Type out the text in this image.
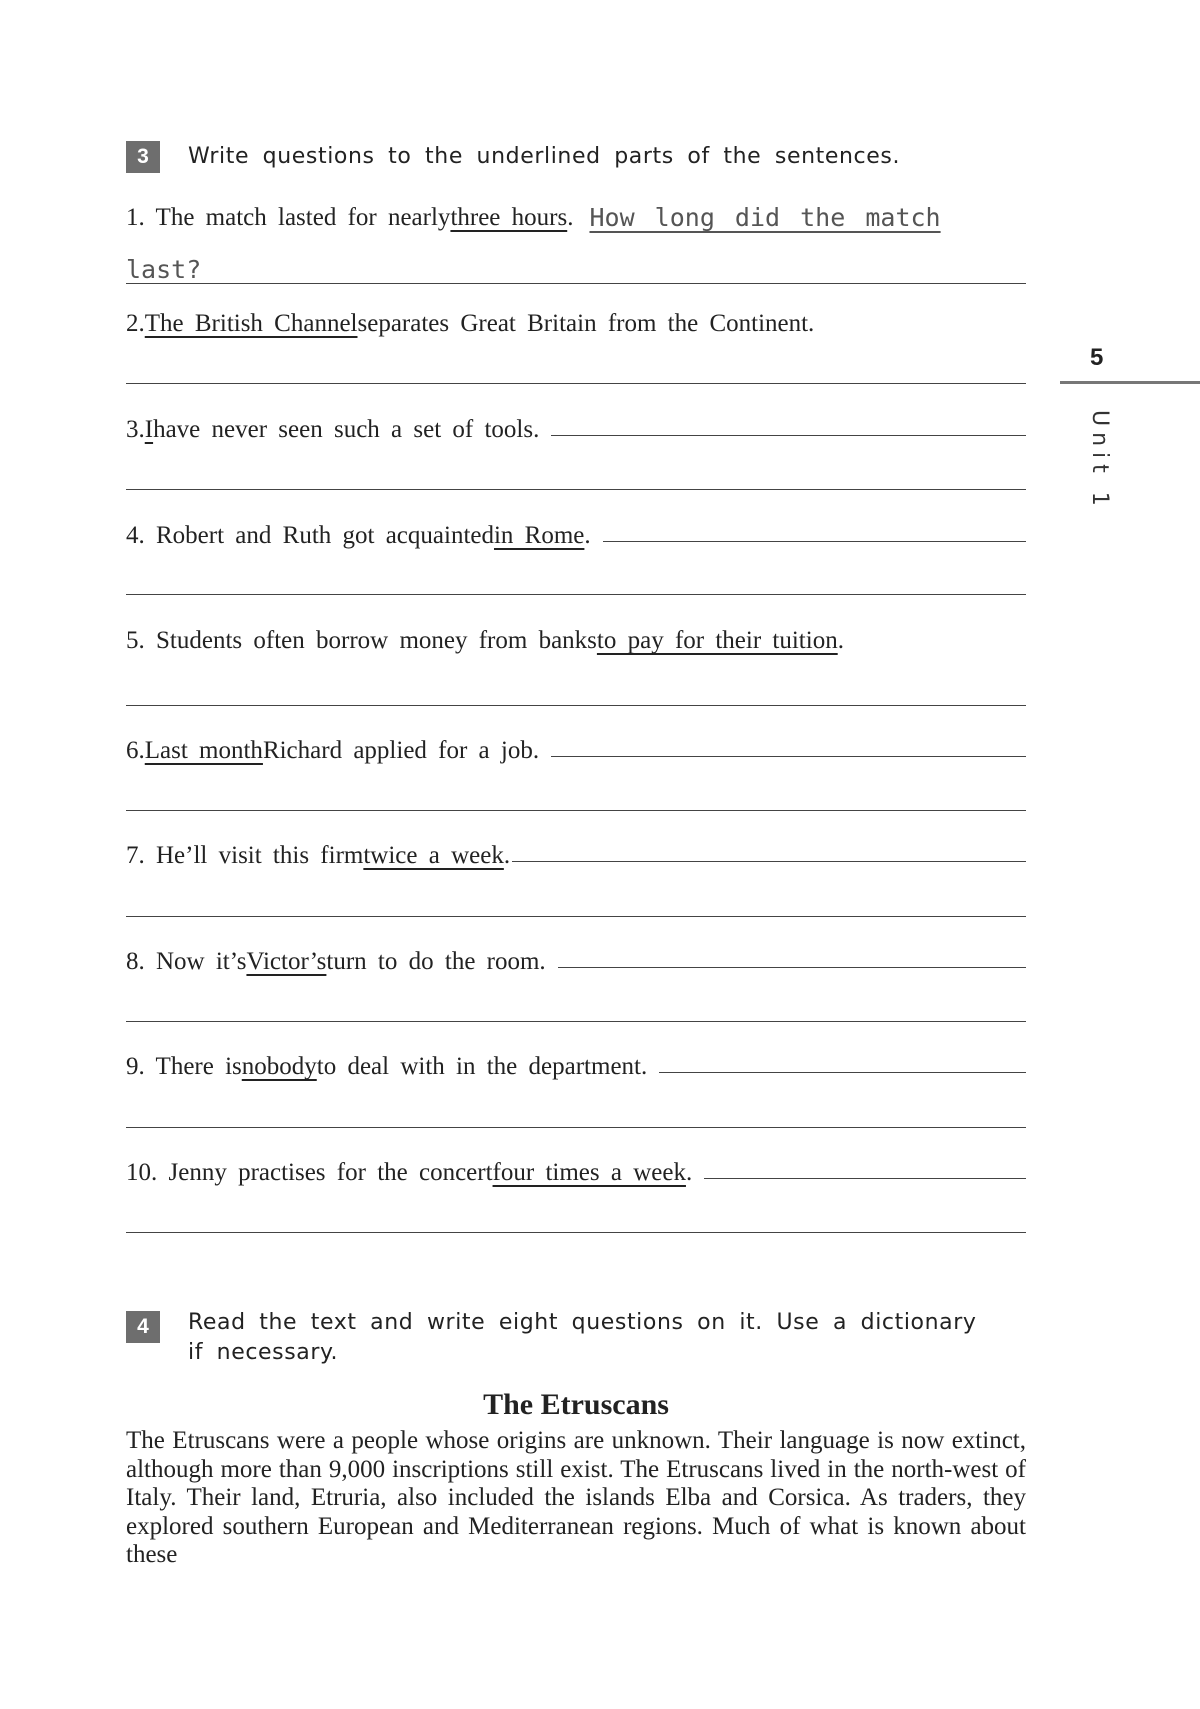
3	Write questions to the underlined parts of the sentences.
1. The match lasted for nearly three hours . How long did the match
last?
2. The British Channel separates Great Britain from the Continent.
3. I have never seen such a set of tools.
4. Robert and Ruth got acquainted in Rome .
5. Students often borrow money from banks to pay for their tuition .
6. Last month Richard applied for a job.
7. He’ll visit this firm twice a week .
8. Now it’s Victor’s turn to do the room.
9. There is nobody to deal with in the department.
10. Jenny practises for the concert four times a week .
4	Read the text and write eight questions on it. Use a dictionary
if necessary.
The Etruscans
The Etruscans were a people whose origins are unknown. Their language is now extinct, although more than 9,000 inscriptions still exist. The Etruscans lived in the north-west of Italy. Their land, Etruria, also included the islands Elba and Corsica. As traders, they explored southern European and Mediterranean regions. Much of what is known about these
5
Unit 1
